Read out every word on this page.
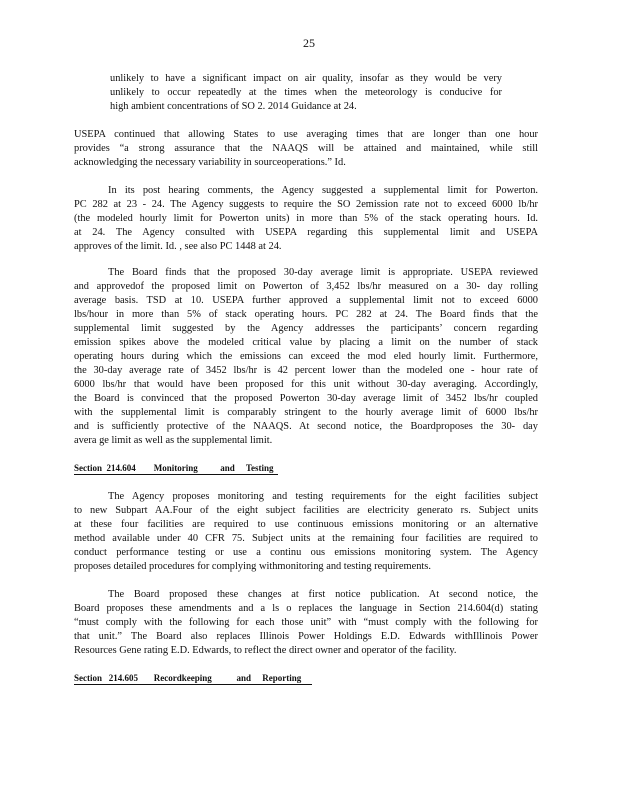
25
unlikely to have a significant impact on air quality, insofar as they would be very
unlikely to occur repeatedly at the times when the meteorology is conducive for
high ambient concentrations of SO 2. 2014 Guidance at 24.
USEPA continued that allowing States to use averaging times that are longer than one hour
provides “a strong assurance that the NAAQS will be attained and maintained, while still
acknowledging the necessary variability in sourceoperations.” Id.
In its post hearing comments, the Agency suggested a supplemental limit for Powerton.
PC 282 at 23 - 24. The Agency suggests to require the SO 2emission rate not to exceed 6000 lb/hr
(the modeled hourly limit for Powerton units) in more than 5% of the stack operating hours. Id.
at 24. The Agency consulted with USEPA regarding this supplemental limit and USEPA
approves of the limit. Id. , see also PC 1448 at 24.
The Board finds that the proposed 30-day average limit is appropriate. USEPA reviewed
and approvedof the proposed limit on Powerton of 3,452 lbs/hr measured on a 30- day rolling
average basis. TSD at 10. USEPA further approved a supplemental limit not to exceed 6000
lbs/hour in more than 5% of stack operating hours. PC 282 at 24. The Board finds that the
supplemental limit suggested by the Agency addresses the participants’ concern regarding
emission spikes above the modeled critical value by placing a limit on the number of stack
operating hours during which the emissions can exceed the mod eled hourly limit. Furthermore,
the 30-day average rate of 3452 lbs/hr is 42 percent lower than the modeled one - hour rate of
6000 lbs/hr that would have been proposed for this unit without 30-day averaging. Accordingly,
the Board is convinced that the proposed Powerton 30-day average limit of 3452 lbs/hr coupled
with the supplemental limit is comparably stringent to the hourly average limit of 6000 lbs/hr
and is sufficiently protective of the NAAQS. At second notice, the Boardproposes the 30- day
avera ge limit as well as the supplemental limit.
Section  214.604        Monitoring          and     Testing
The Agency proposes monitoring and testing requirements for the eight facilities subject
to new Subpart AA.Four of the eight subject facilities are electricity generato rs. Subject units
at these four facilities are required to use continuous emissions monitoring or an alternative
method available under 40 CFR 75. Subject units at the remaining four facilities are required to
conduct performance testing or use a continu ous emissions monitoring system. The Agency
proposes detailed procedures for complying withmonitoring and testing requirements.
The Board proposed these changes at first notice publication. At second notice, the
Board proposes these amendments and a ls o replaces the language in Section 214.604(d) stating
“must comply with the following for each those unit” with “must comply with the following for
that unit.” The Board also replaces Illinois Power Holdings E.D. Edwards withIllinois Power
Resources Gene rating E.D. Edwards, to reflect the direct owner and operator of the facility.
Section   214.605       Recordkeeping           and     Reporting
